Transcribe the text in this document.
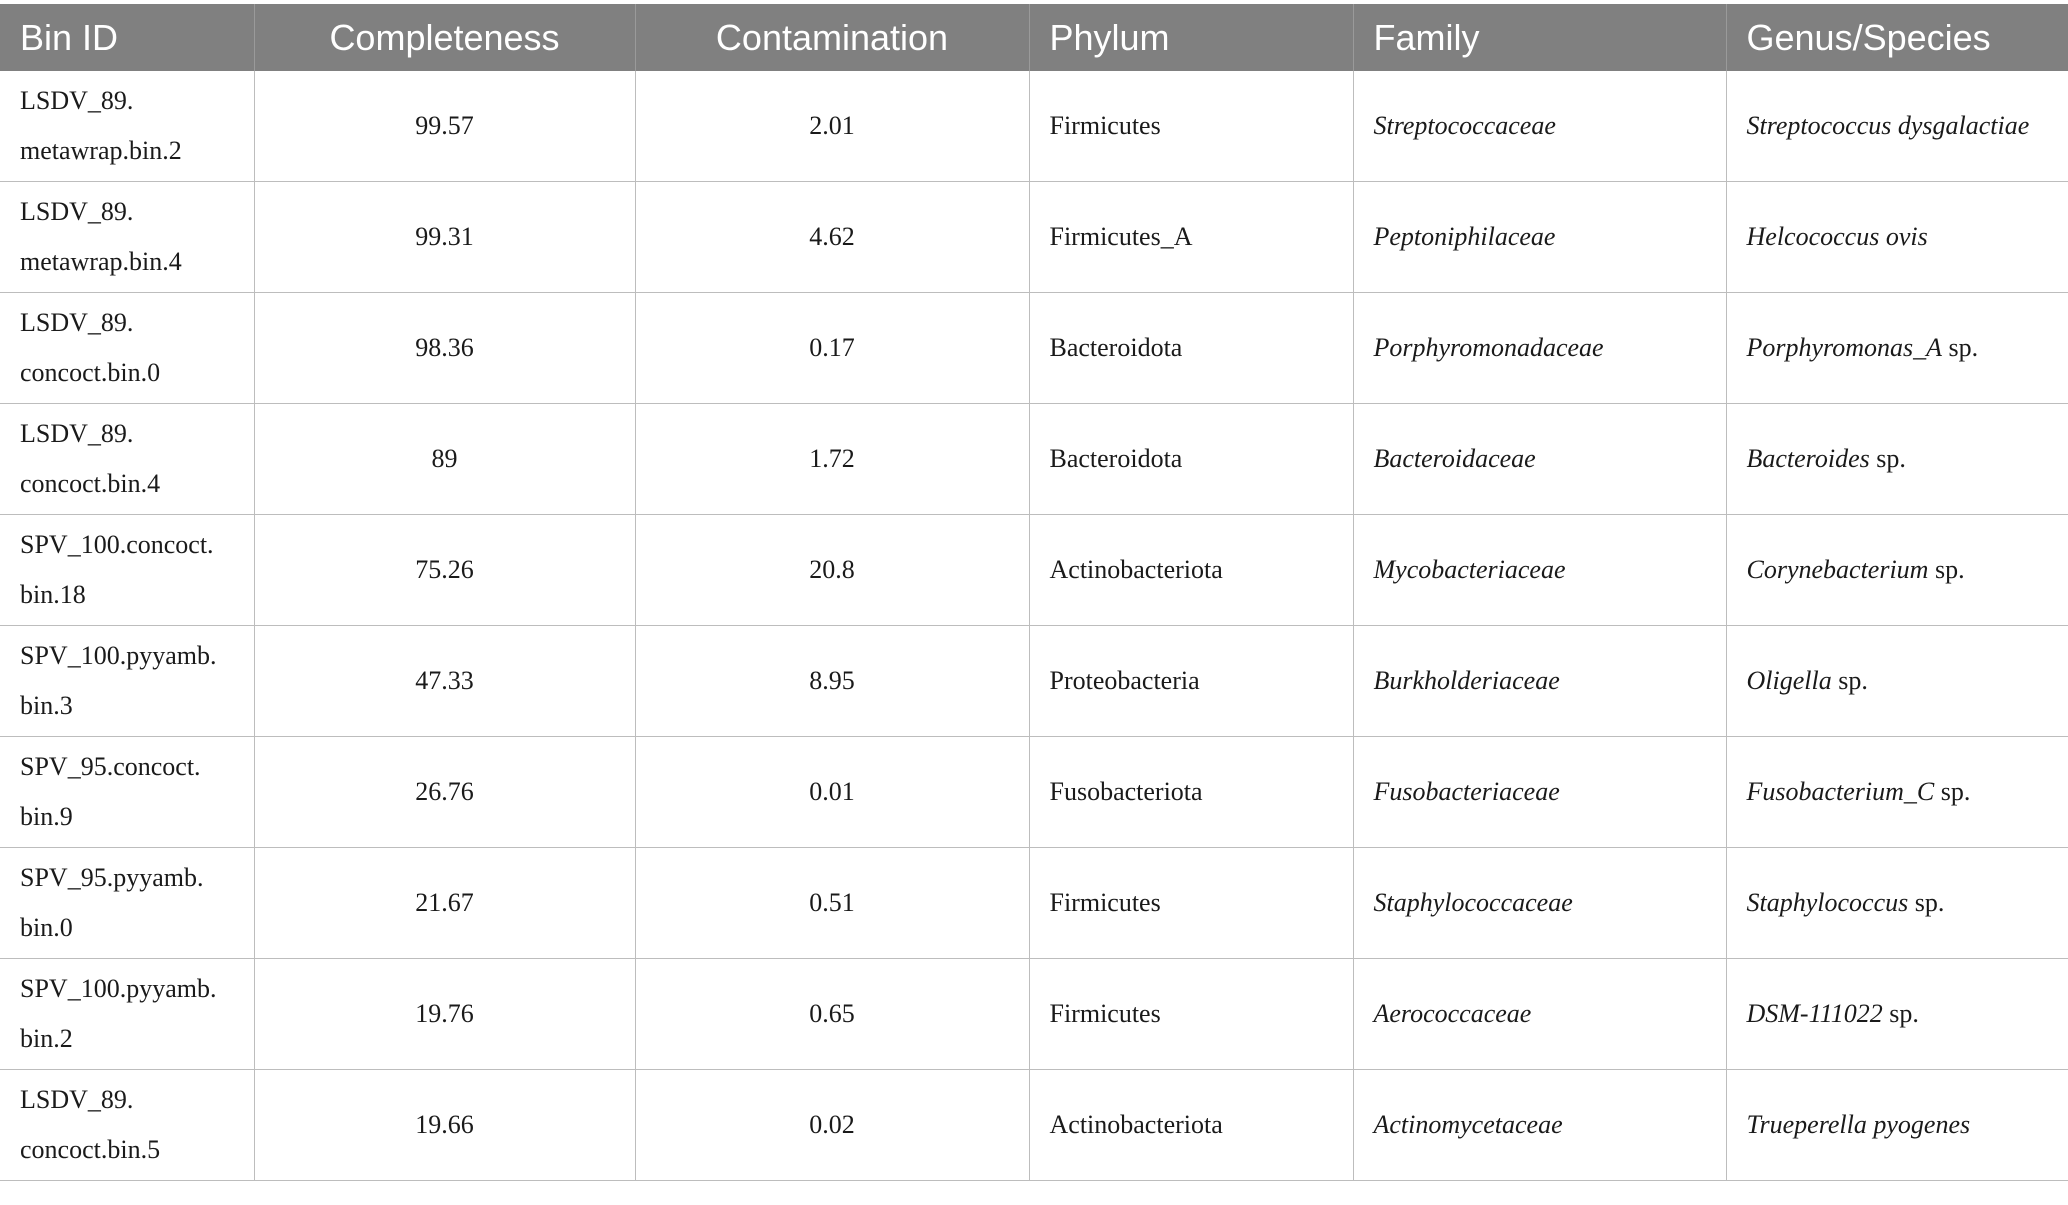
Bin ID	Completeness	Contamination	Phylum	Family	Genus/Species

LSDV_89.
metawrap.bin.2	99.57	2.01	Firmicutes	Streptococcaceae	Streptococcus dysgalactiae

LSDV_89.
metawrap.bin.4	99.31	4.62	Firmicutes_A	Peptoniphilaceae	Helcococcus ovis

LSDV_89.
concoct.bin.0	98.36	0.17	Bacteroidota	Porphyromonadaceae	Porphyromonas_A sp.

LSDV_89.
concoct.bin.4	89	1.72	Bacteroidota	Bacteroidaceae	Bacteroides sp.

SPV_100.concoct.
bin.18	75.26	20.8	Actinobacteriota	Mycobacteriaceae	Corynebacterium sp.

SPV_100.pyyamb.
bin.3	47.33	8.95	Proteobacteria	Burkholderiaceae	Oligella sp.

SPV_95.concoct.
bin.9	26.76	0.01	Fusobacteriota	Fusobacteriaceae	Fusobacterium_C sp.

SPV_95.pyyamb.
bin.0	21.67	0.51	Firmicutes	Staphylococcaceae	Staphylococcus sp.

SPV_100.pyyamb.
bin.2	19.76	0.65	Firmicutes	Aerococcaceae	DSM-111022 sp.

LSDV_89.
concoct.bin.5	19.66	0.02	Actinobacteriota	Actinomycetaceae	Trueperella pyogenes
